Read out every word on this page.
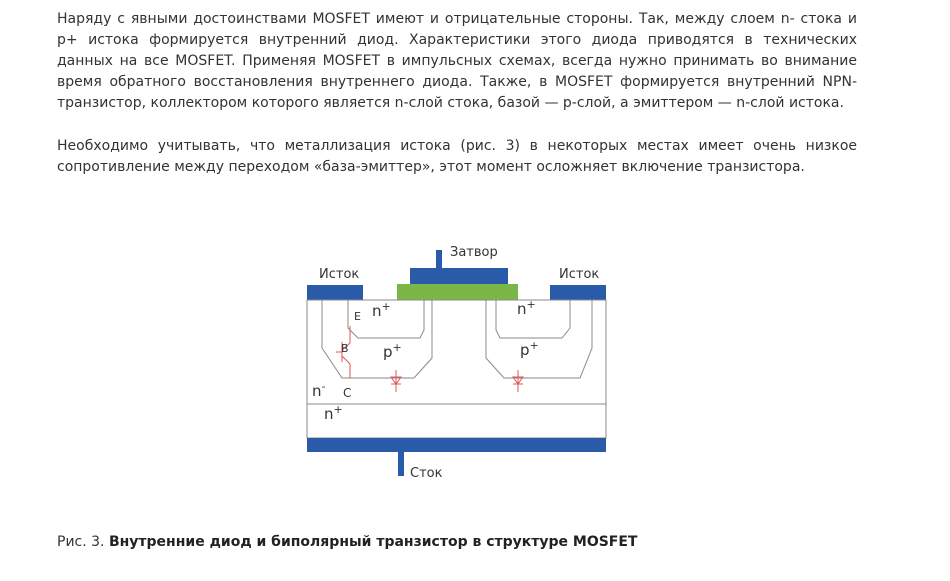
Наряду с явными достоинствами MOSFET имеют и отрицательные стороны. Так, между слоем n- стока и p+ истока формируется внутренний диод. Характеристики этого диода приводятся в технических данных на все MOSFET. Применяя MOSFET в импульсных схемах, всегда нужно принимать во внимание время обратного восстановления внутреннего диода. Также, в MOSFET формируется внутренний NPN-транзистор, коллектором которого является n-слой стока, базой — p-слой, а эмиттером — n-слой истока.

Необходимо учитывать, что металлизация истока (рис. 3) в некоторых местах имеет очень низкое сопротивление между переходом «база-эмиттер», этот момент осложняет включение транзистора.

Затвор
Исток	Исток
Сток
n+	n+
p+	p+
n-
n+
E
B
C

Рис. 3. Внутренние диод и биполярный транзистор в структуре MOSFET
